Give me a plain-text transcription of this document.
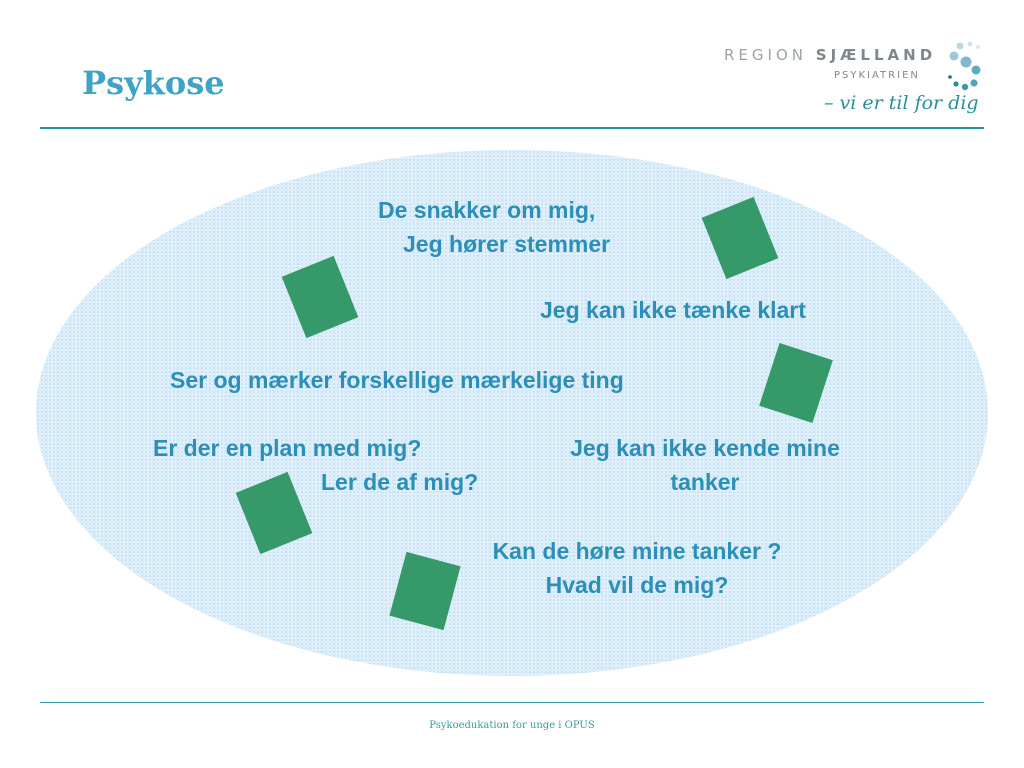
Psykose
REGION SJÆLLAND
PSYKIATRIEN
– vi er til for dig
De snakker om mig,
Jeg hører stemmer
Jeg kan ikke tænke klart
Ser og mærker forskellige mærkelige ting
Er der en plan med mig?
Ler de af mig?
Jeg kan ikke kende mine
tanker
Kan de høre mine tanker ?
Hvad vil de mig?
Psykoedukation for unge i OPUS
